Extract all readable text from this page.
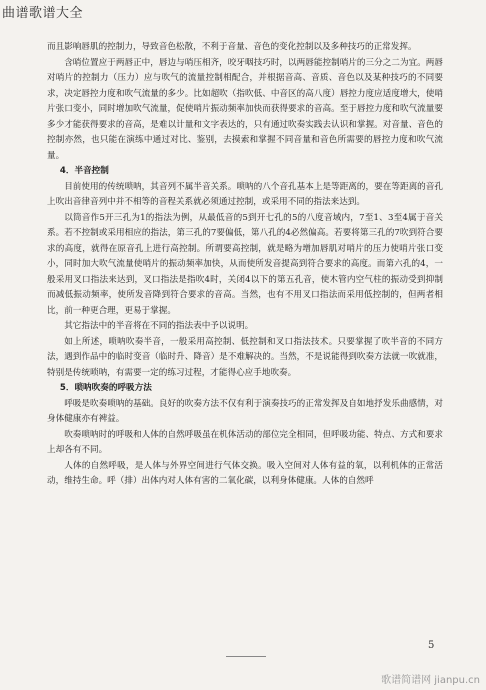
曲谱歌谱大全

而且影响唇肌的控制力，导致音色松散，不利于音量、音色的变化控制以及多种技巧的正常发挥。

含哨位置应于两唇正中，唇边与哨压相齐，咬牙咽技巧时，以两唇能控制哨片的三分之二为宜。两唇对哨片的控制力（压力）应与吹气的流量控制相配合，并根据音高、音质、音色以及某种技巧的不同要求，决定唇控力度和吹气流量的多少。比如超吹（指吹低、中音区的高八度）唇控力度应适度增大，使哨片张口变小，同时增加吹气流量，促使哨片振动频率加快而获得要求的音高。至于唇控力度和吹气流量要多少才能获得要求的音高，是难以计量和文字表达的，只有通过吹奏实践去认识和掌握。对音量、音色的控制亦然，也只能在演练中通过对比、鉴别，去摸索和掌握不同音量和音色所需要的唇控力度和吹气流量。

4．半音控制

目前使用的传统唢呐，其音列不属半音关系。唢呐的八个音孔基本上是等距离的，要在等距离的音孔上吹出音律音列中并不相等的音程关系就必须通过控制，或采用不同的指法来达到。

以筒音作5开三孔为1的指法为例，从最低音的5到开七孔的5的八度音域内，7至1、3至4属于音关系。若不控制或采用相应的指法，第三孔的7要偏低，第八孔的4必然偏高。若要将第三孔的7吹到符合要求的高度，就得在原音孔上进行高控制。所谓要高控制，就是略为增加唇肌对哨片的压力使哨片张口变小，同时加大吹气流量使哨片的振动频率加快，从而使所发音提高到符合要求的高度。而第六孔的4，一般采用叉口指法来达到，叉口指法是指吹4时，关闭4以下的第五孔音，使木管内空气柱的振动受到抑制而减低振动频率，使所发音降到符合要求的音高。当然，也有不用叉口指法而采用低控制的，但两者相比，前一种更合理，更易于掌握。

其它指法中的半音将在不同的指法表中予以说明。

如上所述，唢呐吹奏半音，一般采用高控制、低控制和叉口指法技术。只要掌握了吹半音的不同方法，遇到作品中的临时变音（临时升、降音）是不难解决的。当然，不是说能得到吹奏方法就一吹就准，特别是传统唢呐，有需要一定的练习过程，才能得心应手地吹奏。

5．唢呐吹奏的呼吸方法

呼吸是吹奏唢呐的基础。良好的吹奏方法不仅有利于演奏技巧的正常发挥及自如地抒发乐曲感情，对身体健康亦有裨益。

吹奏唢呐时的呼吸和人体的自然呼吸虽在机体活动的部位完全相同，但呼吸功能、特点、方式和要求上却各有不同。

人体的自然呼吸，是人体与外界空间进行气体交换。吸入空间对人体有益的氧，以利机体的正常活动，维持生命。呼（排）出体内对人体有害的二氧化碳，以利身体健康。人体的自然呼

5
歌谱简谱网 jianpu.cn
